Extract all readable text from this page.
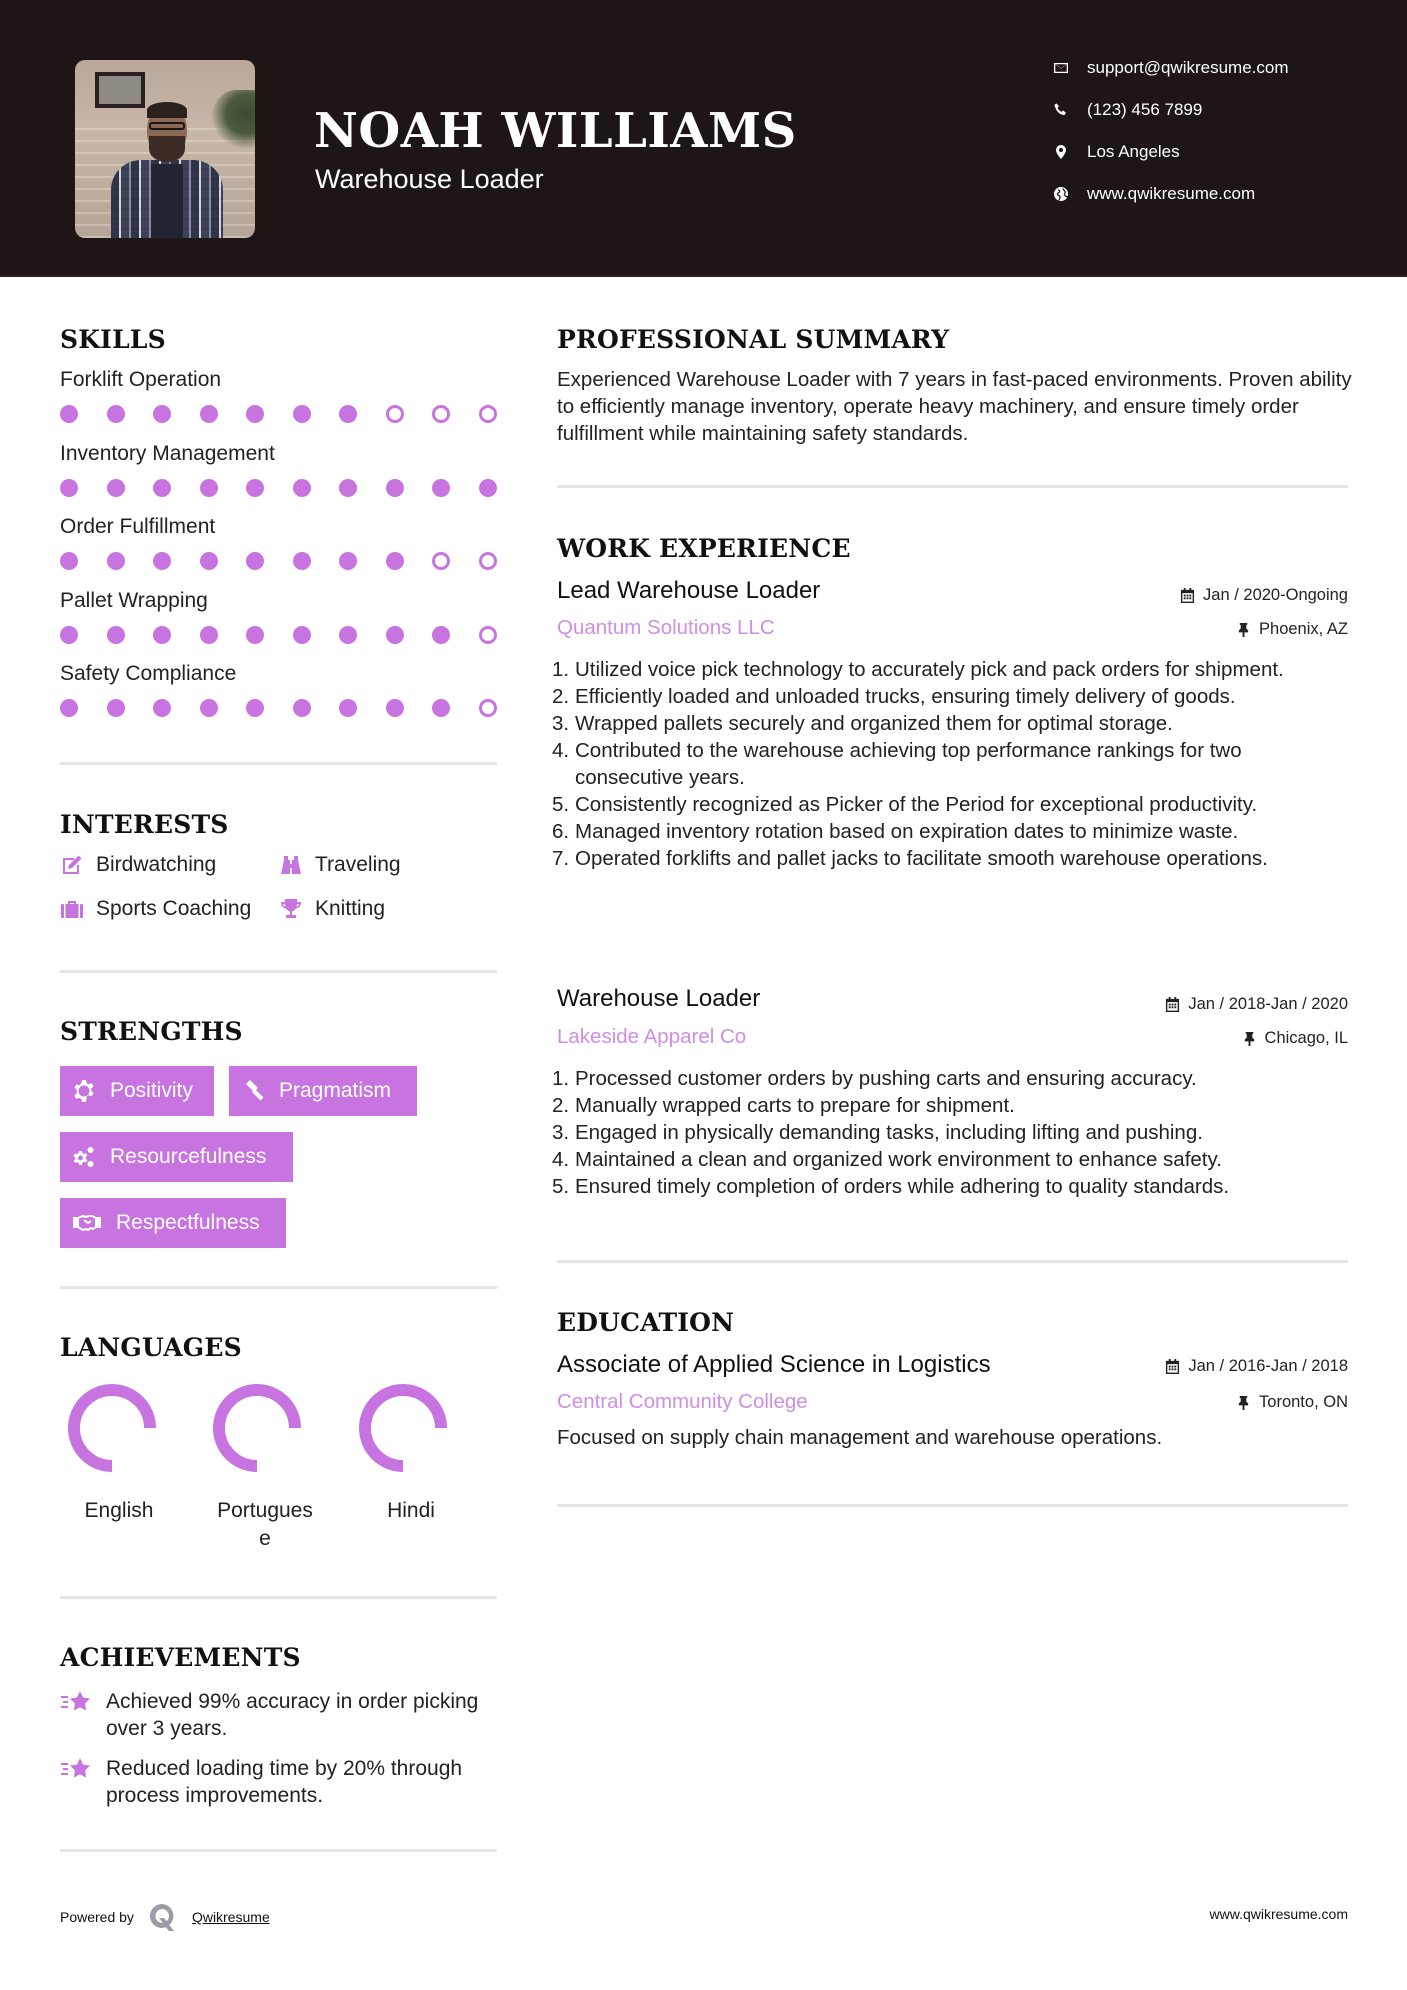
NOAH WILLIAMS
Warehouse Loader
support@qwikresume.com
(123) 456 7899
Los Angeles
www.qwikresume.com
SKILLS
Forklift Operation
Inventory Management
Order Fulfillment
Pallet Wrapping
Safety Compliance
INTERESTS
Birdwatching	Traveling
Sports Coaching	Knitting
STRENGTHS
Positivity	Pragmatism
Resourcefulness
Respectfulness
LANGUAGES
English	Portugues
e
Hindi
ACHIEVEMENTS
Achieved 99% accuracy in order picking over 3 years.
Reduced loading time by 20% through process improvements.
Powered by	Qwikresume	www.qwikresume.com
PROFESSIONAL SUMMARY
Experienced Warehouse Loader with 7 years in fast-paced environments. Proven ability to efficiently manage inventory, operate heavy machinery, and ensure timely order fulfillment while maintaining safety standards.
WORK EXPERIENCE
Lead Warehouse Loader	Jan / 2020-Ongoing
Quantum Solutions LLC	Phoenix, AZ
Utilized voice pick technology to accurately pick and pack orders for shipment.
Efficiently loaded and unloaded trucks, ensuring timely delivery of goods.
Wrapped pallets securely and organized them for optimal storage.
Contributed to the warehouse achieving top performance rankings for two consecutive years.
Consistently recognized as Picker of the Period for exceptional productivity.
Managed inventory rotation based on expiration dates to minimize waste.
Operated forklifts and pallet jacks to facilitate smooth warehouse operations.
Warehouse Loader	Jan / 2018-Jan / 2020
Lakeside Apparel Co	Chicago, IL
Processed customer orders by pushing carts and ensuring accuracy.
Manually wrapped carts to prepare for shipment.
Engaged in physically demanding tasks, including lifting and pushing.
Maintained a clean and organized work environment to enhance safety.
Ensured timely completion of orders while adhering to quality standards.
EDUCATION
Associate of Applied Science in Logistics	Jan / 2016-Jan / 2018
Central Community College	Toronto, ON
Focused on supply chain management and warehouse operations.
